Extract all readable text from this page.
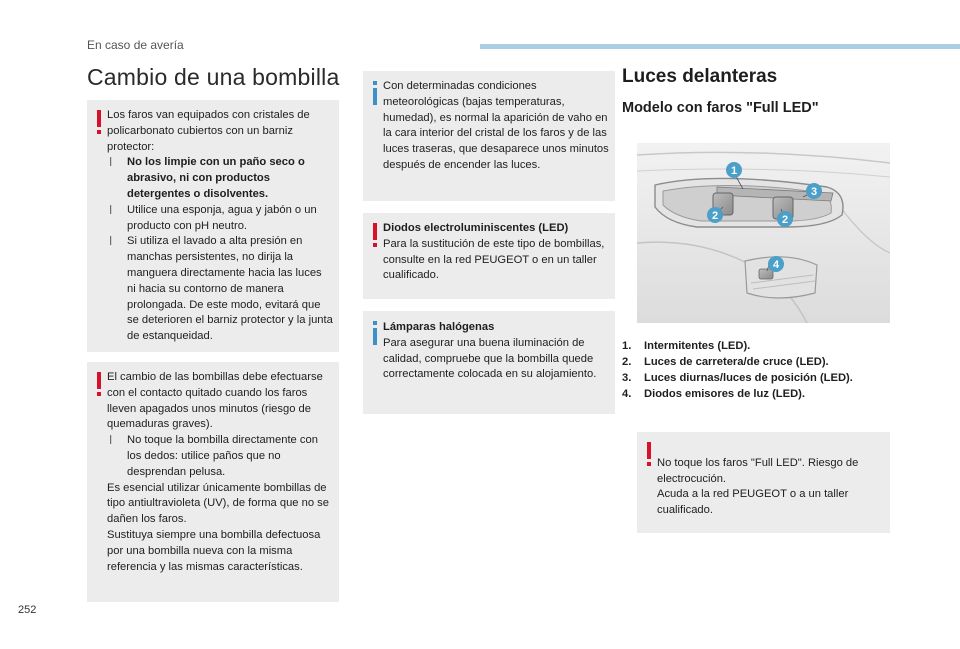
En caso de avería
Cambio de una bombilla

Los faros van equipados con cristales de policarbonato cubiertos con un barniz protector:

❘ No los limpie con un paño seco o abrasivo, ni con productos detergentes o disolventes.
❘ Utilice una esponja, agua y jabón o un producto con pH neutro.
❘ Si utiliza el lavado a alta presión en manchas persistentes, no dirija la manguera directamente hacia las luces ni hacia su contorno de manera prolongada. De este modo, evitará que se deterioren el barniz protector y la junta de estanqueidad.

El cambio de las bombillas debe efectuarse con el contacto quitado cuando los faros lleven apagados unos minutos (riesgo de quemaduras graves).

❘ No toque la bombilla directamente con los dedos: utilice paños que no desprendan pelusa.

Es esencial utilizar únicamente bombillas de tipo antiultravioleta (UV), de forma que no se dañen los faros.

Sustituya siempre una bombilla defectuosa por una bombilla nueva con la misma referencia y las mismas características.

Con determinadas condiciones meteorológicas (bajas temperaturas, humedad), es normal la aparición de vaho en la cara interior del cristal de los faros y de las luces traseras, que desaparece unos minutos después de encender las luces.

Diodos electroluminiscentes (LED)

Para la sustitución de este tipo de bombillas, consulte en la red PEUGEOT o en un taller cualificado.

Lámparas halógenas

Para asegurar una buena iluminación de calidad, compruebe que la bombilla quede correctamente colocada en su alojamiento.

Luces delanteras
Modelo con faros "Full LED"
1
2	2
3
4
1. Intermitentes (LED).
2. Luces de carretera/de cruce (LED).
3. Luces diurnas/luces de posición (LED).
4. Diodos emisores de luz (LED).

No toque los faros "Full LED". Riesgo de electrocución.
Acuda a la red PEUGEOT o a un taller cualificado.

252
